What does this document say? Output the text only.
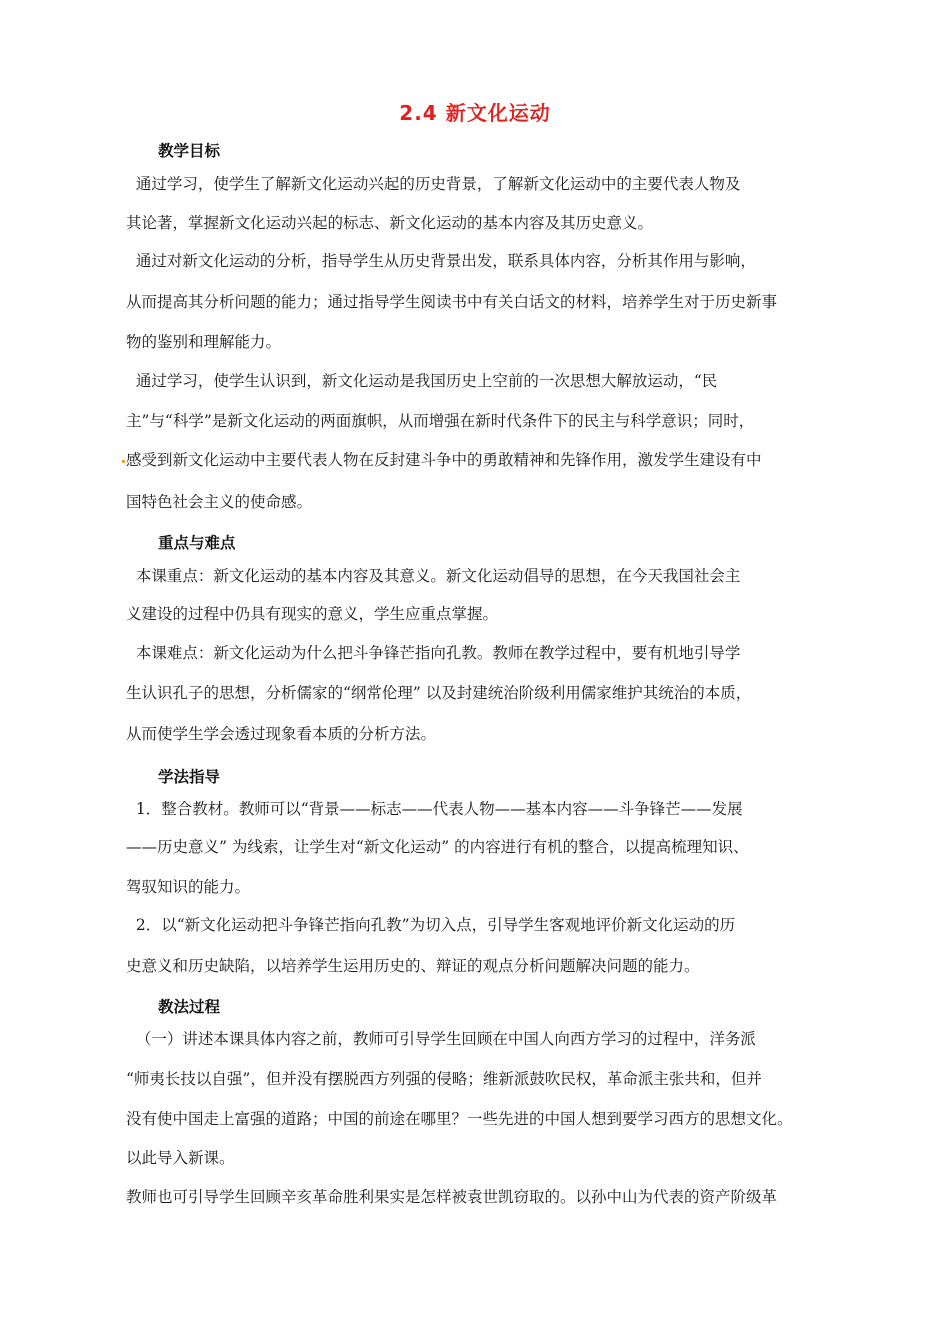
2.4 新文化运动
教学目标
通过学习，使学生了解新文化运动兴起的历史背景，了解新文化运动中的主要代表人物及
其论著，掌握新文化运动兴起的标志、新文化运动的基本内容及其历史意义。
通过对新文化运动的分析，指导学生从历史背景出发，联系具体内容，分析其作用与影响，
从而提高其分析问题的能力；通过指导学生阅读书中有关白话文的材料，培养学生对于历史新事
物的鉴别和理解能力。
通过学习，使学生认识到，新文化运动是我国历史上空前的一次思想大解放运动，“民
主”与“科学”是新文化运动的两面旗帜，从而增强在新时代条件下的民主与科学意识；同时，
感受到新文化运动中主要代表人物在反封建斗争中的勇敢精神和先锋作用，激发学生建设有中
国特色社会主义的使命感。
重点与难点
本课重点：新文化运动的基本内容及其意义。新文化运动倡导的思想，在今天我国社会主
义建设的过程中仍具有现实的意义，学生应重点掌握。
本课难点：新文化运动为什么把斗争锋芒指向孔教。教师在教学过程中，要有机地引导学
生认识孔子的思想，分析儒家的“纲常伦理” 以及封建统治阶级利用儒家维护其统治的本质，
从而使学生学会透过现象看本质的分析方法。
学法指导
1．整合教材。教师可以“背景——标志——代表人物——基本内容——斗争锋芒——发展
——历史意义” 为线索，让学生对“新文化运动” 的内容进行有机的整合，以提高梳理知识、
驾驭知识的能力。
2．以“新文化运动把斗争锋芒指向孔教”为切入点，引导学生客观地评价新文化运动的历
史意义和历史缺陷，以培养学生运用历史的、辩证的观点分析问题解决问题的能力。
教法过程
（一）讲述本课具体内容之前，教师可引导学生回顾在中国人向西方学习的过程中，洋务派
“师夷长技以自强”，但并没有摆脱西方列强的侵略；维新派鼓吹民权，革命派主张共和，但并
没有使中国走上富强的道路；中国的前途在哪里？一些先进的中国人想到要学习西方的思想文化。
以此导入新课。
教师也可引导学生回顾辛亥革命胜利果实是怎样被袁世凯窃取的。以孙中山为代表的资产阶级革
